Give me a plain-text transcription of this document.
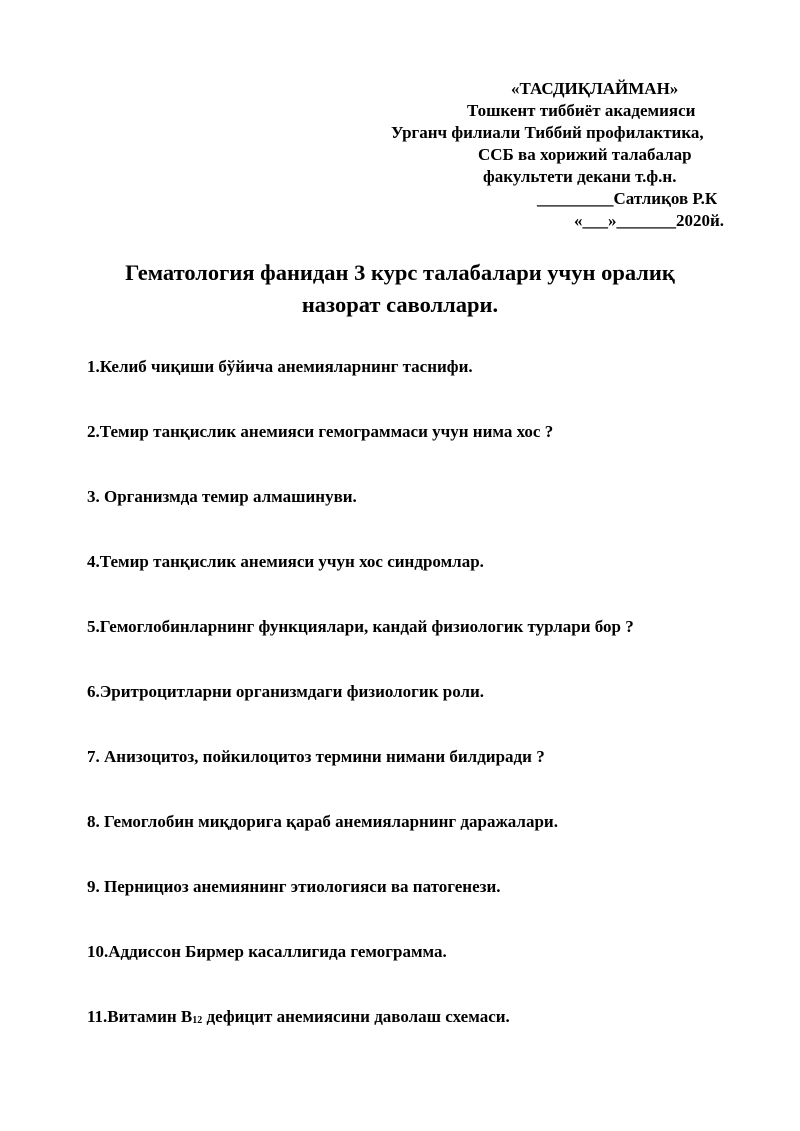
«ТАСДИҚЛАЙМАН»
Тошкент тиббиёт академияси
Урганч филиали Тиббий профилактика,
ССБ ва хорижий талабалар
факультети декани т.ф.н.
_________Сатлиқов Р.К
«___»_______2020й.
Гематология фанидан 3 курс талабалари учун оралиқ
назорат саволлари.
1.Келиб чиқиши бўйича анемияларнинг таснифи.
2.Темир танқислик анемияси гемограммаси учун нима хос ?
3. Организмда темир алмашинуви.
4.Темир танқислик анемияси учун хос синдромлар.
5.Гемоглобинларнинг функциялари, кандай физиологик турлари бор ?
6.Эритроцитларни организмдаги физиологик роли.
7. Анизоцитоз, пойкилоцитоз термини нимани билдиради ?
8. Гемоглобин миқдорига қараб анемияларнинг даражалари.
9. Пернициоз анемиянинг этиологияси ва патогенези.
10.Аддиссон Бирмер касаллигида гемограмма.
11.Витамин В12 дефицит анемиясини даволаш схемаси.
